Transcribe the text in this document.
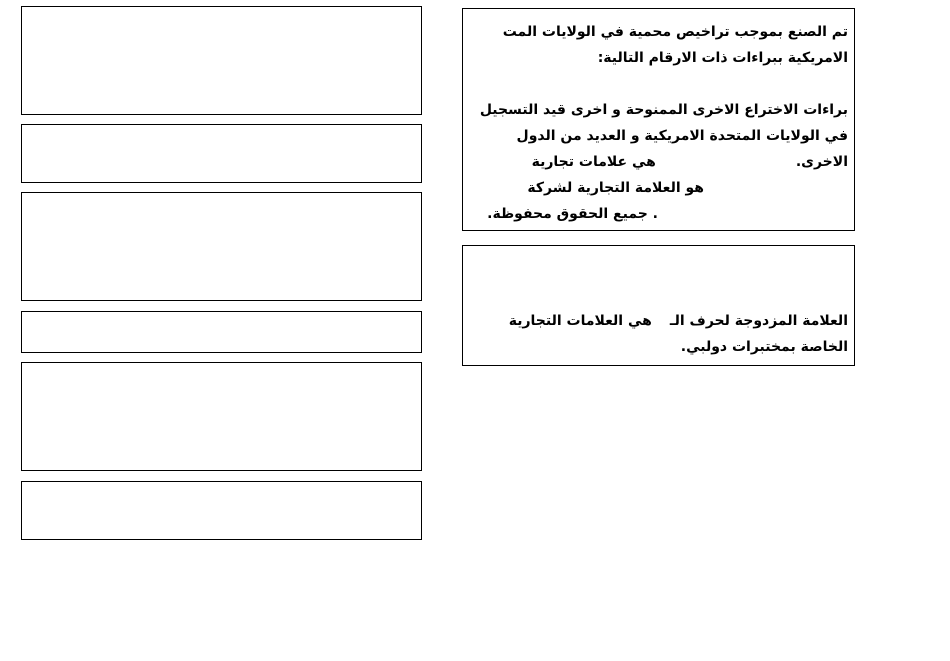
تم الصنع بموجب تراخيص محمية في الولايات المت
الامريكية ببراءات ذات الارقام التالية:
براءات الاختراع الاخرى الممنوحة و اخرى قيد التسجيل
في الولايات المتحدة الامريكية و العديد من الدول
الاخرى.هي علامات تجارية
هو العلامة التجارية لشركة
. جميع الحقوق محفوظة.
العلامة المزدوجة لحرف الـهي العلامات التجارية
الخاصة بمختبرات دولبي.
